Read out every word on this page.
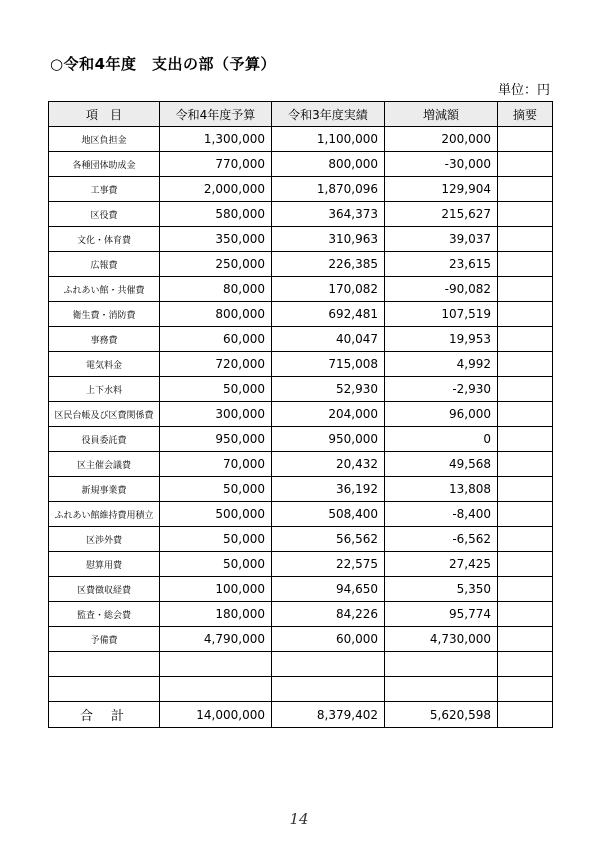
○令和4年度　支出の部（予算）
単位：円
項　目	令和4年度予算	令和3年度実績	増減額	摘要
地区負担金	1,300,000	1,100,000	200,000	
各種団体助成金	770,000	800,000	-30,000	
工事費	2,000,000	1,870,096	129,904	
区役費	580,000	364,373	215,627	
文化・体育費	350,000	310,963	39,037	
広報費	250,000	226,385	23,615	
ふれあい館・共催費	80,000	170,082	-90,082	
衛生費・消防費	800,000	692,481	107,519	
事務費	60,000	40,047	19,953	
電気料金	720,000	715,008	4,992	
上下水料	50,000	52,930	-2,930	
区民台帳及び区費関係費	300,000	204,000	96,000	
役員委託費	950,000	950,000	0	
区主催会議費	70,000	20,432	49,568	
新規事業費	50,000	36,192	13,808	
ふれあい館維持費用積立	500,000	508,400	-8,400	
区渉外費	50,000	56,562	-6,562	
慰算用費	50,000	22,575	27,425	
区費徴収経費	100,000	94,650	5,350	
監査・総会費	180,000	84,226	95,774	
予備費	4,790,000	60,000	4,730,000	

合計	14,000,000	8,379,402	5,620,598	
14
